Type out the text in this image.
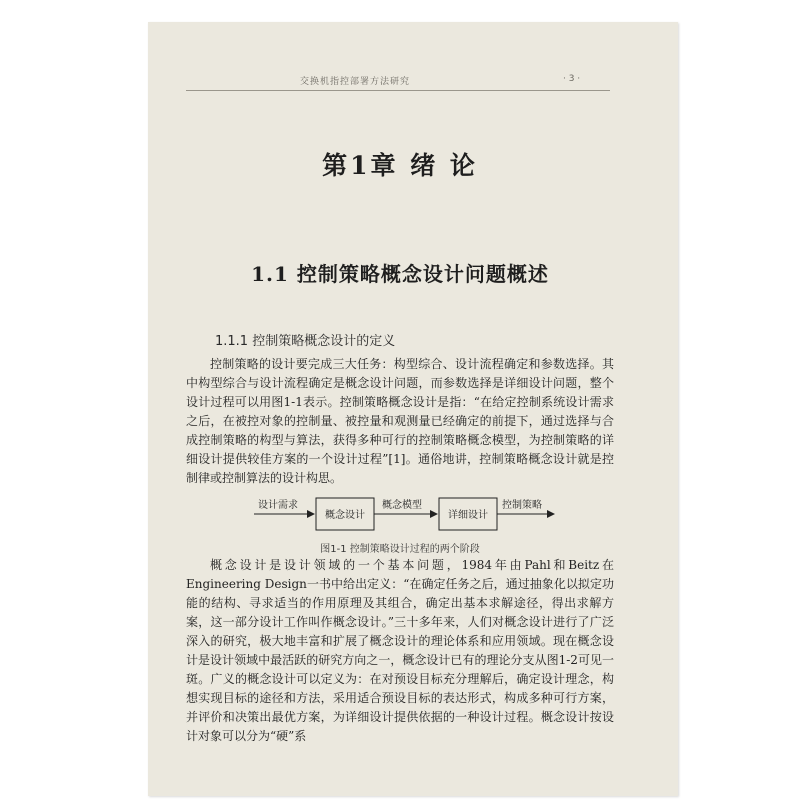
交换机指控部署方法研究	· 3 ·
第1章 绪 论
1.1 控制策略概念设计问题概述
1.1.1 控制策略概念设计的定义

控制策略的设计要完成三大任务：构型综合、设计流程确定和参数选择。其中构型综合与设计流程确定是概念设计问题，而参数选择是详细设计问题，整个设计过程可以用图1-1表示。控制策略概念设计是指：“在给定控制系统设计需求之后，在被控对象的控制量、被控量和观测量已经确定的前提下，通过选择与合成控制策略的构型与算法，获得多种可行的控制策略概念模型，为控制策略的详细设计提供较佳方案的一个设计过程”[1]。通俗地讲，控制策略概念设计就是控制律或控制算法的设计构思。

设计需求
概念设计
概念模型
详细设计
控制策略
图1-1 控制策略设计过程的两个阶段

概念设计是设计领域的一个基本问题，1984年由Pahl和Beitz在Engineering Design一书中给出定义：“在确定任务之后，通过抽象化以拟定功能的结构、寻求适当的作用原理及其组合，确定出基本求解途径，得出求解方案，这一部分设计工作叫作概念设计。”三十多年来，人们对概念设计进行了广泛深入的研究，极大地丰富和扩展了概念设计的理论体系和应用领域。现在概念设计是设计领域中最活跃的研究方向之一，概念设计已有的理论分支从图1-2可见一斑。广义的概念设计可以定义为：在对预设目标充分理解后，确定设计理念，构想实现目标的途径和方法，采用适合预设目标的表达形式，构成多种可行方案，并评价和决策出最优方案，为详细设计提供依据的一种设计过程。概念设计按设计对象可以分为“硬”系
